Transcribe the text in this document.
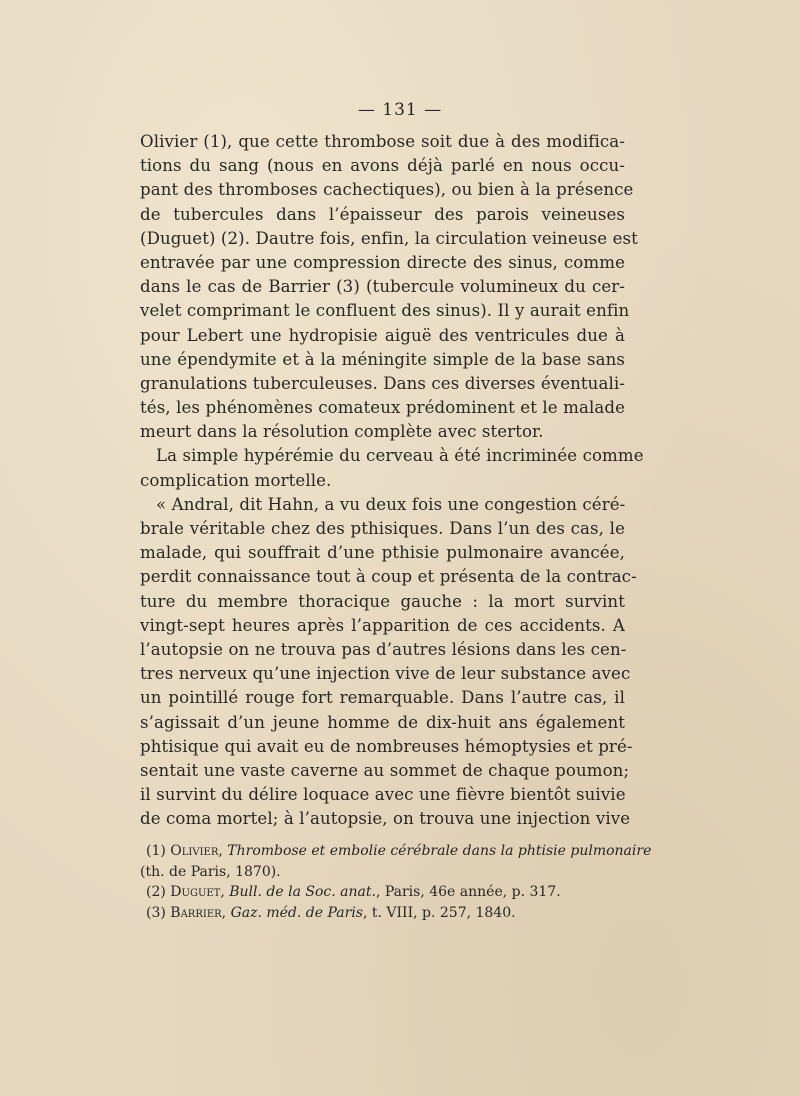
— 131 —
Olivier (1), que cette thrombose soit due à des modifica-
tions du sang (nous en avons déjà parlé en nous occu-
pant des thromboses cachectiques), ou bien à la présence
de tubercules dans l’épaisseur des parois veineuses
(Duguet) (2). Dautre fois, enfin, la circulation veineuse est
entravée par une compression directe des sinus, comme
dans le cas de Barrier (3) (tubercule volumineux du cer-
velet comprimant le confluent des sinus). Il y aurait enfin
pour Lebert une hydropisie aiguë des ventricules due à
une épendymite et à la méningite simple de la base sans
granulations tuberculeuses. Dans ces diverses éventuali-
tés, les phénomènes comateux prédominent et le malade
meurt dans la résolution complète avec stertor.
La simple hypérémie du cerveau à été incriminée comme
complication mortelle.
« Andral, dit Hahn, a vu deux fois une congestion céré-
brale véritable chez des pthisiques. Dans l’un des cas, le
malade, qui souffrait d’une pthisie pulmonaire avancée,
perdit connaissance tout à coup et présenta de la contrac-
ture du membre thoracique gauche : la mort survint
vingt-sept heures après l’apparition de ces accidents. A
l’autopsie on ne trouva pas d’autres lésions dans les cen-
tres nerveux qu’une injection vive de leur substance avec
un pointillé rouge fort remarquable. Dans l’autre cas, il
s’agissait d’un jeune homme de dix-huit ans également
phtisique qui avait eu de nombreuses hémoptysies et pré-
sentait une vaste caverne au sommet de chaque poumon;
il survint du délire loquace avec une fièvre bientôt suivie
de coma mortel; à l’autopsie, on trouva une injection vive
(1) Olivier, Thrombose et embolie cérébrale dans la phtisie pulmonaire
(th. de Paris, 1870).
(2) Duguet, Bull. de la Soc. anat., Paris, 46e année, p. 317.
(3) Barrier, Gaz. méd. de Paris, t. VIII, p. 257, 1840.
